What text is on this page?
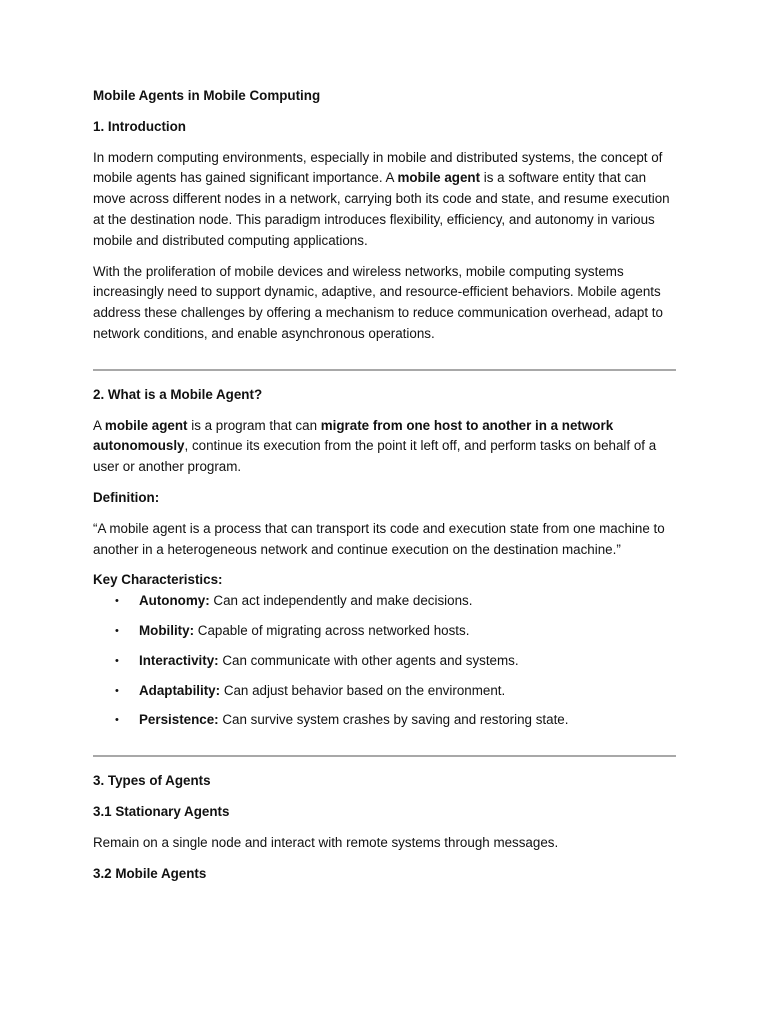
Mobile Agents in Mobile Computing

1. Introduction

In modern computing environments, especially in mobile and distributed systems, the concept of mobile agents has gained significant importance. A mobile agent is a software entity that can move across different nodes in a network, carrying both its code and state, and resume execution at the destination node. This paradigm introduces flexibility, efficiency, and autonomy in various mobile and distributed computing applications.

With the proliferation of mobile devices and wireless networks, mobile computing systems increasingly need to support dynamic, adaptive, and resource-efficient behaviors. Mobile agents address these challenges by offering a mechanism to reduce communication overhead, adapt to network conditions, and enable asynchronous operations.

2. What is a Mobile Agent?

A mobile agent is a program that can migrate from one host to another in a network autonomously, continue its execution from the point it left off, and perform tasks on behalf of a user or another program.

Definition:

“A mobile agent is a process that can transport its code and execution state from one machine to another in a heterogeneous network and continue execution on the destination machine.”

Key Characteristics:

• Autonomy: Can act independently and make decisions.
• Mobility: Capable of migrating across networked hosts.
• Interactivity: Can communicate with other agents and systems.
• Adaptability: Can adjust behavior based on the environment.
• Persistence: Can survive system crashes by saving and restoring state.

3. Types of Agents

3.1 Stationary Agents

Remain on a single node and interact with remote systems through messages.

3.2 Mobile Agents
